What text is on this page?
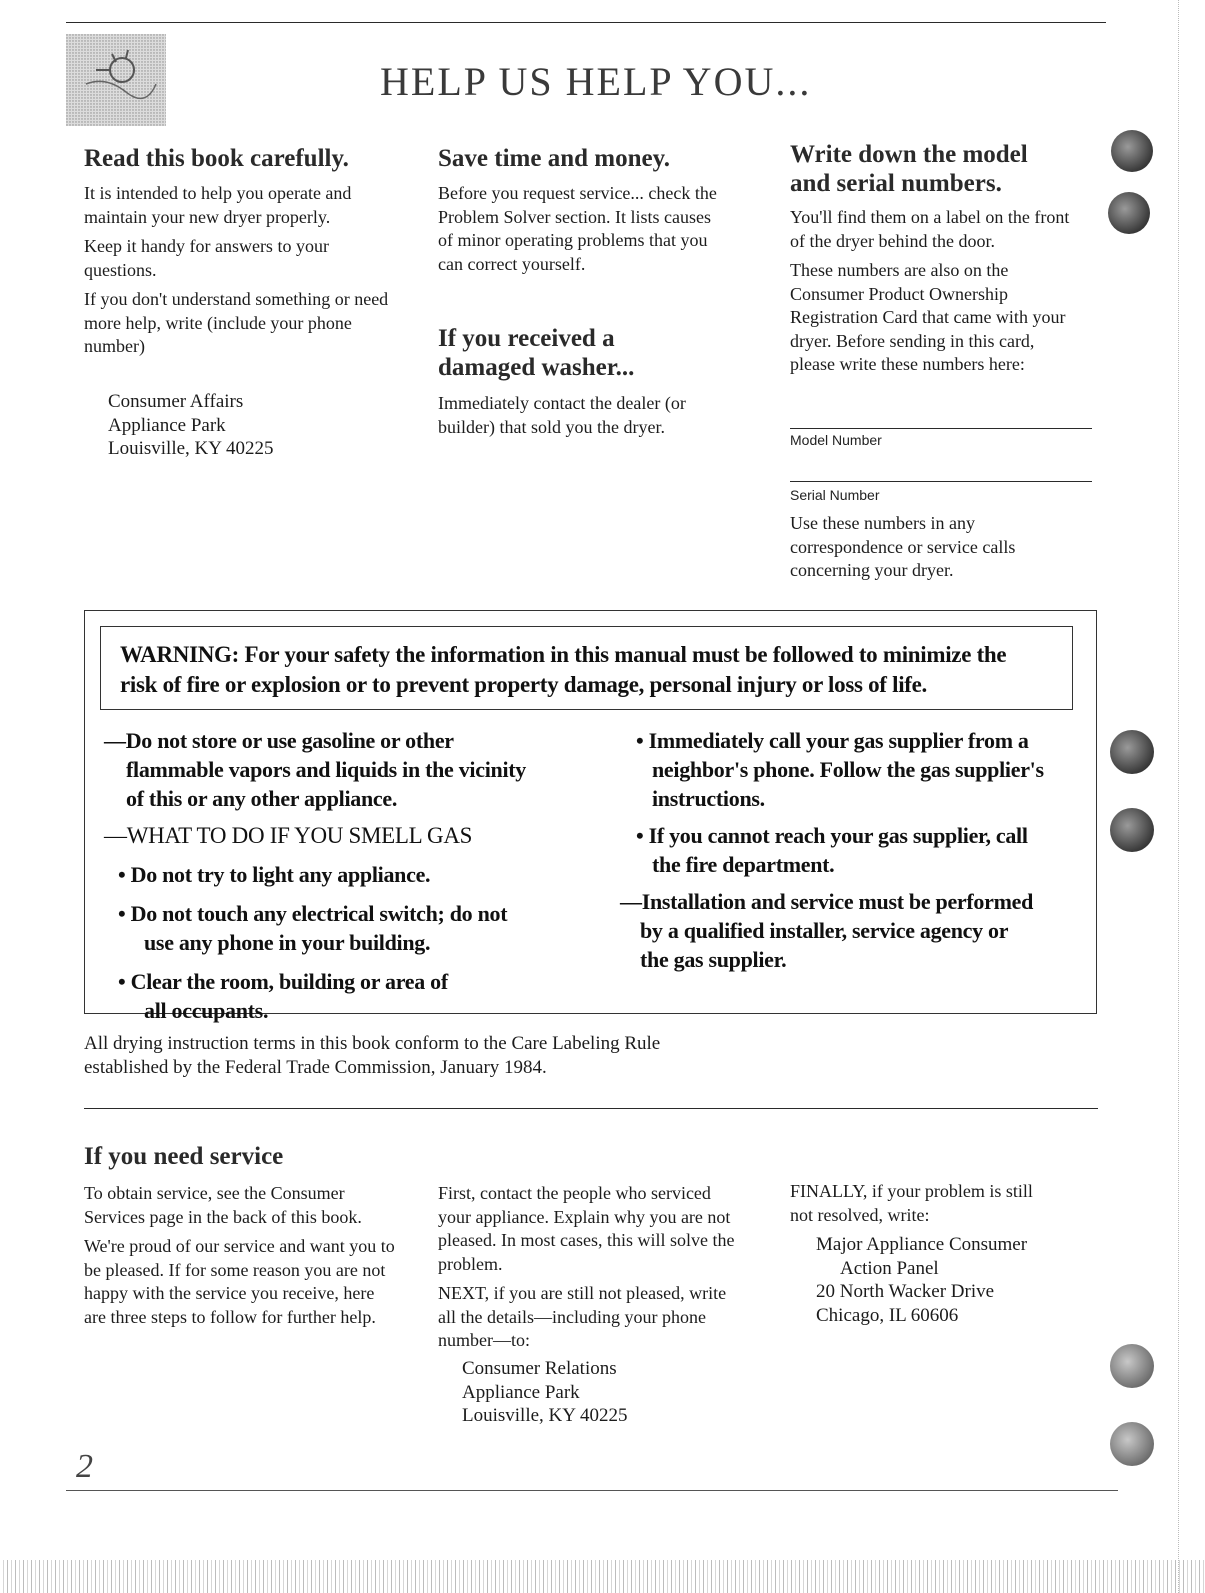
HELP US HELP YOU...
Read this book carefully.

It is intended to help you operate and maintain your new dryer properly.

Keep it handy for answers to your questions.

If you don't understand something or need more help, write (include your phone number)

Consumer Affairs
Appliance Park
Louisville, KY 40225
Save time and money.
Before you request service... check the Problem Solver section. It lists causes of minor operating problems that you can correct yourself.
If you received a damaged washer...
Immediately contact the dealer (or builder) that sold you the dryer.
Write down the model and serial numbers.

You'll find them on a label on the front of the dryer behind the door.

These numbers are also on the Consumer Product Ownership Registration Card that came with your dryer. Before sending in this card, please write these numbers here:

Model Number
Serial Number
Use these numbers in any correspondence or service calls concerning your dryer.
WARNING: For your safety the information in this manual must be followed to minimize the
risk of fire or explosion or to prevent property damage, personal injury or loss of life.
—Do not store or use gasoline or other
flammable vapors and liquids in the vicinity
of this or any other appliance.
—WHAT TO DO IF YOU SMELL GAS
• Do not try to light any appliance.
• Do not touch any electrical switch; do not
use any phone in your building.
• Clear the room, building or area of
all occupants.
• Immediately call your gas supplier from a
neighbor's phone. Follow the gas supplier's
instructions.
• If you cannot reach your gas supplier, call
the fire department.
—Installation and service must be performed
by a qualified installer, service agency or
the gas supplier.
All drying instruction terms in this book conform to the Care Labeling Rule
established by the Federal Trade Commission, January 1984.
If you need service

To obtain service, see the Consumer Services page in the back of this book.

We're proud of our service and want you to be pleased. If for some reason you are not happy with the service you receive, here are three steps to follow for further help.

First, contact the people who serviced your appliance. Explain why you are not pleased. In most cases, this will solve the problem.

NEXT, if you are still not pleased, write all the details—including your phone number—to:

Consumer Relations
Appliance Park
Louisville, KY 40225
FINALLY, if your problem is still not resolved, write:
Major Appliance Consumer
Action Panel
20 North Wacker Drive
Chicago, IL 60606
2
